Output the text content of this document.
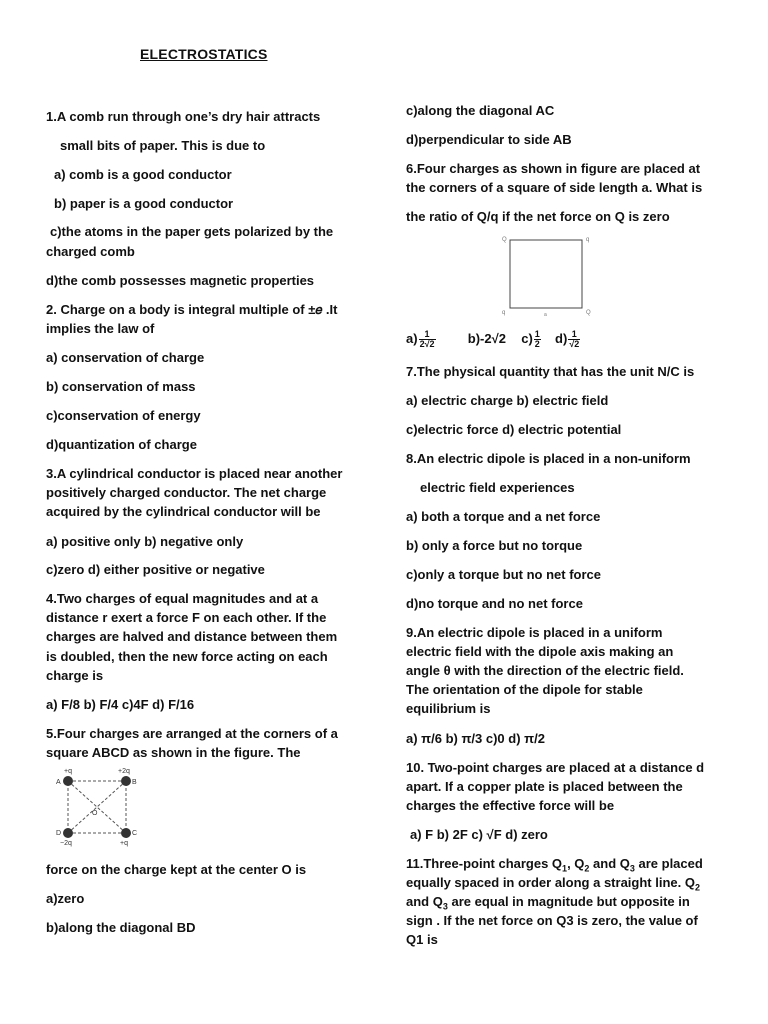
ELECTROSTATICS
1.A comb run through one’s dry hair attracts
small bits of paper. This is due to
a) comb is a good conductor
b) paper is a good conductor
c)the atoms in the paper gets polarized by the
charged comb
d)the comb possesses magnetic properties
2. Charge on a body is integral multiple of ±𝑒 .It
implies the law of
a) conservation of charge
b) conservation of mass
c)conservation of energy
d)quantization of charge
3.A cylindrical conductor is placed near another
positively charged conductor. The net charge
acquired by the cylindrical conductor will be
a) positive only b) negative only
c)zero d) either positive or negative
4.Two charges of equal magnitudes and at a
distance r exert a force F on each other. If the
charges are halved and distance between them
is doubled, then the new force acting on each
charge is
a) F/8 b) F/4 c)4F d) F/16
5.Four charges are arranged at the corners of a
square ABCD as shown in the figure. The
force on the charge kept at the center O is
a)zero
b)along the diagonal BD
c)along the diagonal AC
d)perpendicular to side AB
6.Four charges as shown in figure are placed at
the corners of a square of side length a. What is
the ratio of Q/q if the net force on Q is zero
7.The physical quantity that has the unit N/C is
a) electric charge b) electric field
c)electric force d) electric potential
8.An electric dipole is placed in a non-uniform
electric field experiences
a) both a torque and a net force
b) only a force but no torque
c)only a torque but no net force
d)no torque and no net force
9.An electric dipole is placed in a uniform
electric field with the dipole axis making an
angle θ with the direction of the electric field.
The orientation of the dipole for stable
equilibrium is
a) π/6 b) π/3 c)0 d) π/2
10. Two-point charges are placed at a distance d
apart. If a copper plate is placed between the
charges the effective force will be
a) F b) 2F c) √F d) zero
+q	+2q
−2q	+q
A	B
D	C
O
Q	q
q	Q
a
$a) \frac{1}{2√2} b)-2√2$ $c) \frac{1}{2} d) \frac{1}{√2}$
11.Three-point charges $Q_1$, $Q_2$ and $Q_3$ are placed
equally spaced in order along a straight line. $Q_2$
and $Q_3$ are equal in magnitude but opposite in
sign . If the net force on Q3 is zero, the value of
Q1 is
